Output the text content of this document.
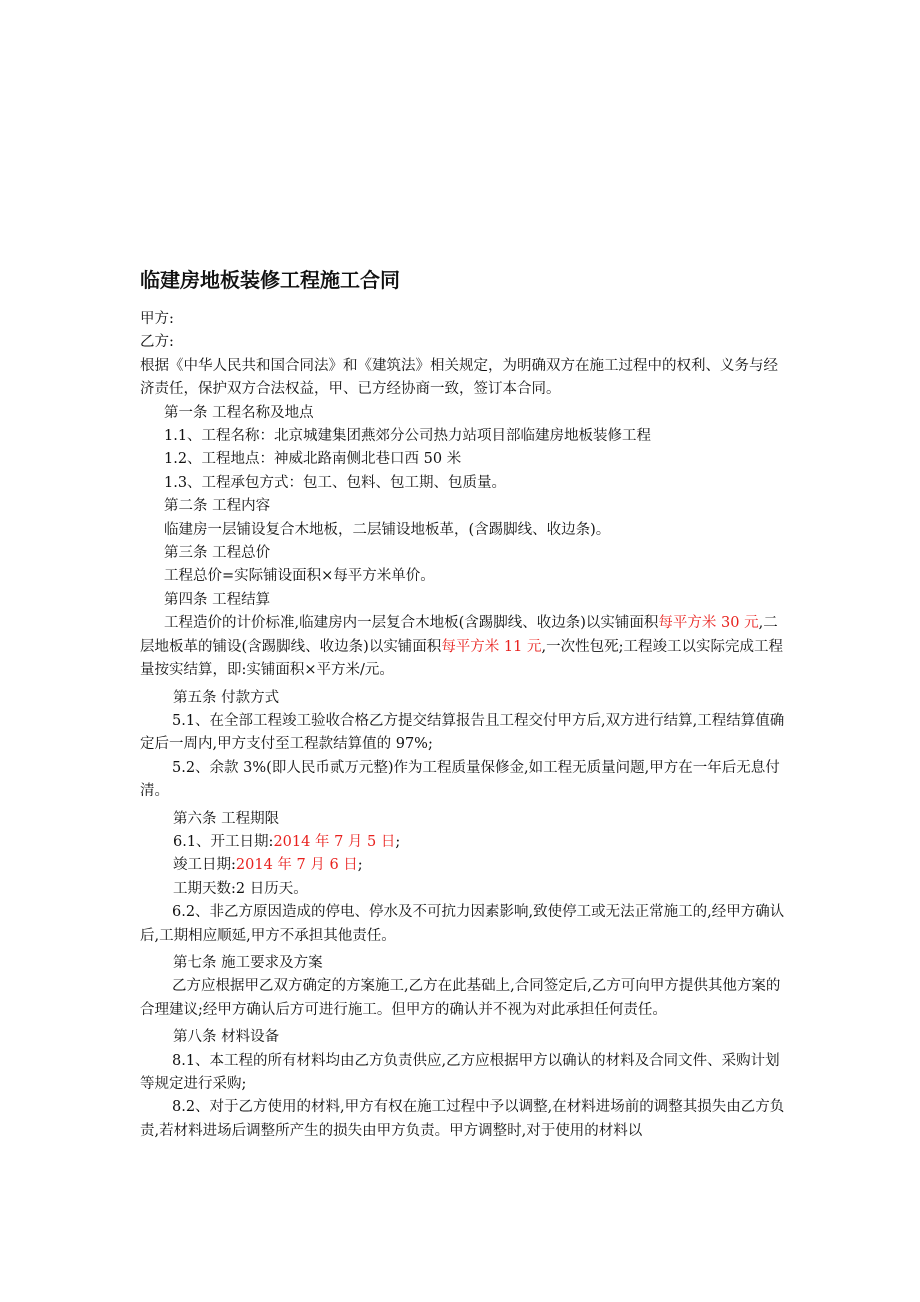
临建房地板装修工程施工合同

甲方:

乙方:

根据《中华人民共和国合同法》和《建筑法》相关规定，为明确双方在施工过程中的权利、义务与经济责任，保护双方合法权益，甲、已方经协商一致，签订本合同。

第一条 工程名称及地点

1.1、工程名称：北京城建集团燕郊分公司热力站项目部临建房地板装修工程

1.2、工程地点：神威北路南侧北巷口西 50 米

1.3、工程承包方式：包工、包料、包工期、包质量。

第二条 工程内容

临建房一层铺设复合木地板，二层铺设地板革，(含踢脚线、收边条)。

第三条 工程总价

工程总价=实际铺设面积×每平方米单价。

第四条 工程结算

工程造价的计价标准,临建房内一层复合木地板(含踢脚线、收边条)以实铺面积每平方米 30 元,二层地板革的铺设(含踢脚线、收边条)以实铺面积每平方米 11 元,一次性包死;工程竣工以实际完成工程量按实结算，即:实铺面积×平方米/元。

第五条 付款方式

5.1、在全部工程竣工验收合格乙方提交结算报告且工程交付甲方后,双方进行结算,工程结算值确定后一周内,甲方支付至工程款结算值的 97%;

5.2、余款 3%(即人民币贰万元整)作为工程质量保修金,如工程无质量问题,甲方在一年后无息付清。

第六条 工程期限

6.1、开工日期:2014 年 7 月 5 日;

竣工日期:2014 年 7 月 6 日;

工期天数:2 日历天。

6.2、非乙方原因造成的停电、停水及不可抗力因素影响,致使停工或无法正常施工的,经甲方确认后,工期相应顺延,甲方不承担其他责任。

第七条 施工要求及方案

乙方应根据甲乙双方确定的方案施工,乙方在此基础上,合同签定后,乙方可向甲方提供其他方案的合理建议;经甲方确认后方可进行施工。但甲方的确认并不视为对此承担任何责任。

第八条 材料设备

8.1、本工程的所有材料均由乙方负责供应,乙方应根据甲方以确认的材料及合同文件、采购计划等规定进行采购;

8.2、对于乙方使用的材料,甲方有权在施工过程中予以调整,在材料进场前的调整其损失由乙方负责,若材料进场后调整所产生的损失由甲方负责。甲方调整时,对于使用的材料以
